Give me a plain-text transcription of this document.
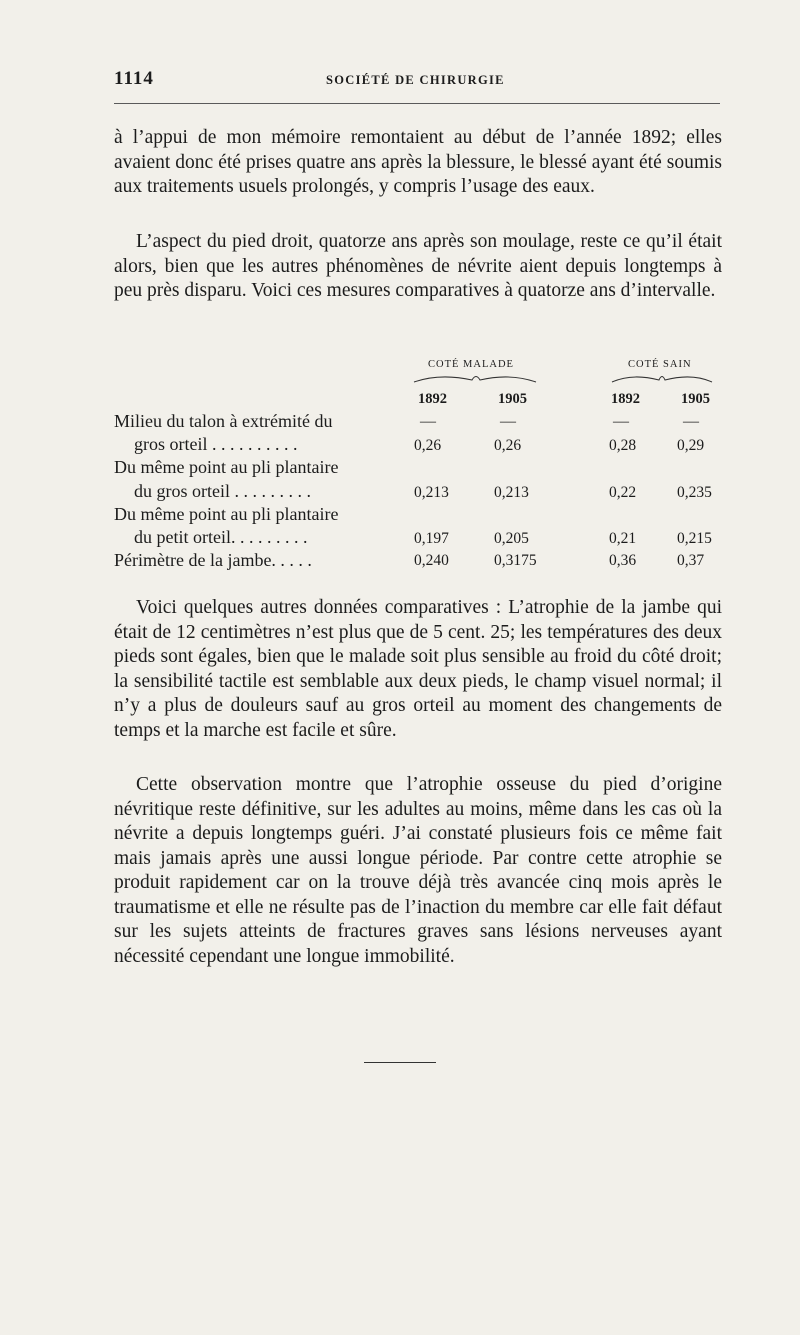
1114	SOCIÉTÉ DE CHIRURGIE

à l’appui de mon mémoire remontaient au début de l’année 1892; elles avaient donc été prises quatre ans après la blessure, le blessé ayant été soumis aux traitements usuels prolongés, y compris l’usage des eaux.

L’aspect du pied droit, quatorze ans après son moulage, reste ce qu’il était alors, bien que les autres phénomènes de névrite aient depuis longtemps à peu près disparu. Voici ces mesures comparatives à quatorze ans d’intervalle.

COTÉ MALADE	COTÉ SAIN
1892	1905	1892	1905
—	—	—	—
Milieu du talon à extrémité du
gros orteil . . . . . . . . . .	0,26	0,26	0,28	0,29
Du même point au pli plantaire
du gros orteil . . . . . . . . .	0,213	0,213	0,22	0,235
Du même point au pli plantaire
du petit orteil. . . . . . . . .	0,197	0,205	0,21	0,215
Périmètre de la jambe. . . . .	0,240	0,3175	0,36	0,37

Voici quelques autres données comparatives : L’atrophie de la jambe qui était de 12 centimètres n’est plus que de 5 cent. 25; les températures des deux pieds sont égales, bien que le malade soit plus sensible au froid du côté droit; la sensibilité tactile est semblable aux deux pieds, le champ visuel normal; il n’y a plus de douleurs sauf au gros orteil au moment des changements de temps et la marche est facile et sûre.

Cette observation montre que l’atrophie osseuse du pied d’origine névritique reste définitive, sur les adultes au moins, même dans les cas où la névrite a depuis longtemps guéri. J’ai constaté plusieurs fois ce même fait mais jamais après une aussi longue période. Par contre cette atrophie se produit rapidement car on la trouve déjà très avancée cinq mois après le traumatisme et elle ne résulte pas de l’inaction du membre car elle fait défaut sur les sujets atteints de fractures graves sans lésions nerveuses ayant nécessité cependant une longue immobilité.
